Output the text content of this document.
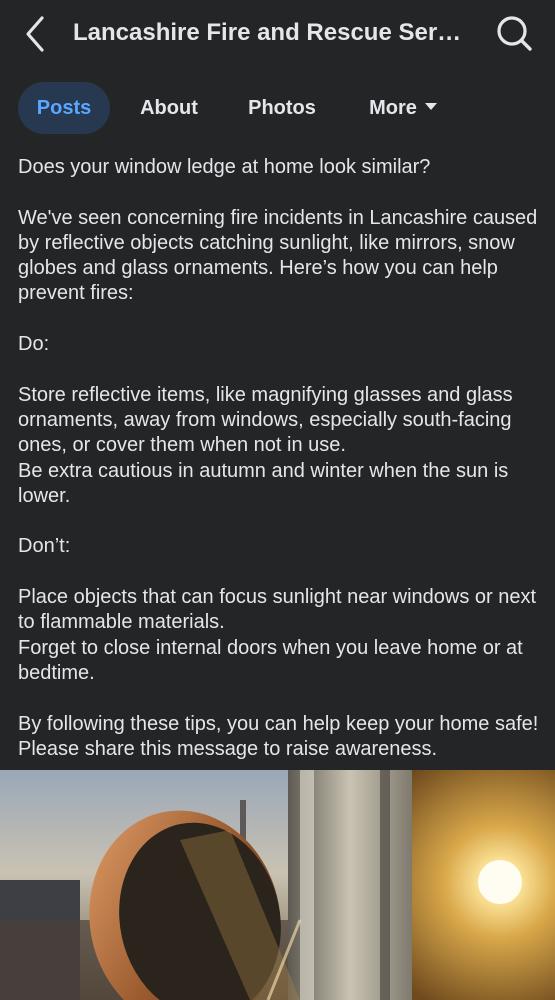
Lancashire Fire and Rescue Ser…
Posts	About	Photos	More

Does your window ledge at home look similar?

We've seen concerning fire incidents in Lancashire caused by reflective objects catching sunlight, like mirrors, snow globes and glass ornaments. Here’s how you can help prevent fires:

Do:

Store reflective items, like magnifying glasses and glass ornaments, away from windows, especially south-facing ones, or cover them when not in use.

Be extra cautious in autumn and winter when the sun is lower.

Don’t:

Place objects that can focus sunlight near windows or next to flammable materials.

Forget to close internal doors when you leave home or at bedtime.

By following these tips, you can help keep your home safe! Please share this message to raise awareness.
